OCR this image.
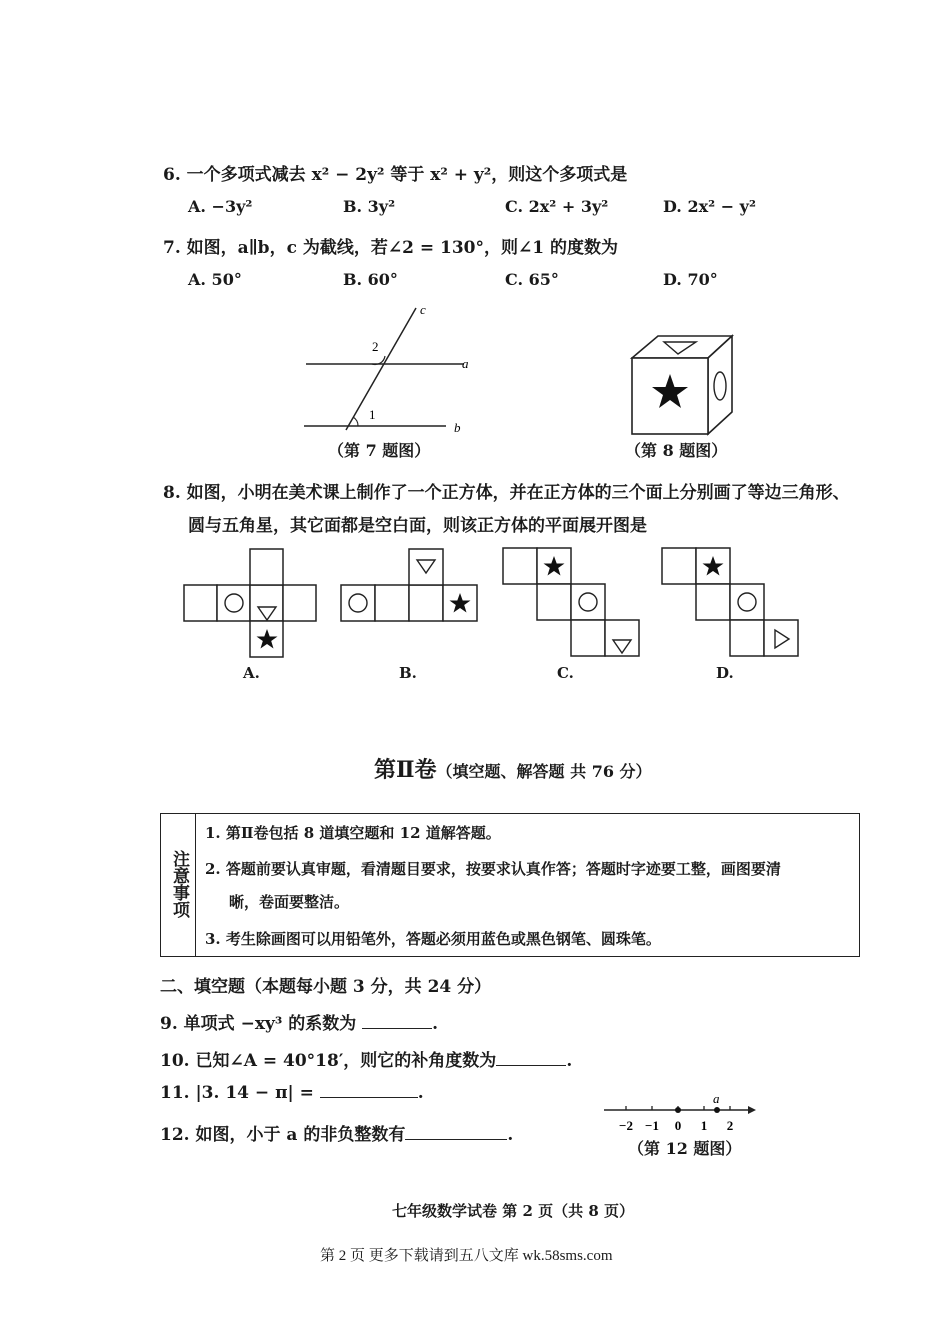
6. 一个多项式减去 x² − 2y² 等于 x² + y²，则这个多项式是
A. −3y²	B. 3y²	C. 2x² + 3y²	D. 2x² − y²
7. 如图，a∥b，c 为截线，若∠2 = 130°，则∠1 的度数为
A. 50°	B. 60°	C. 65°	D. 70°
c
a
b
2
1
（第 7 题图）	（第 8 题图）
8. 如图，小明在美术课上制作了一个正方体，并在正方体的三个面上分别画了等边三角形、
圆与五角星，其它面都是空白面，则该正方体的平面展开图是
A.	B.	C.	D.
第Ⅱ卷（填空题、解答题 共 76 分）
注意事项
1. 第Ⅱ卷包括 8 道填空题和 12 道解答题。
2. 答题前要认真审题，看清题目要求，按要求认真作答；答题时字迹要工整，画图要清
晰，卷面要整洁。
3. 考生除画图可以用铅笔外，答题必须用蓝色或黑色钢笔、圆珠笔。
二、填空题（本题每小题 3 分，共 24 分）
9. 单项式 −xy³ 的系数为	.
10. 已知∠A = 40°18′，则它的补角度数为	.
11. |3. 14 − π| =	.
12. 如图，小于 a 的非负整数有	.	−2 −1 0 1 2
a
（第 12 题图）
七年级数学试卷 第 2 页（共 8 页）
第 2 页 更多下载请到五八文库 wk.58sms.com
